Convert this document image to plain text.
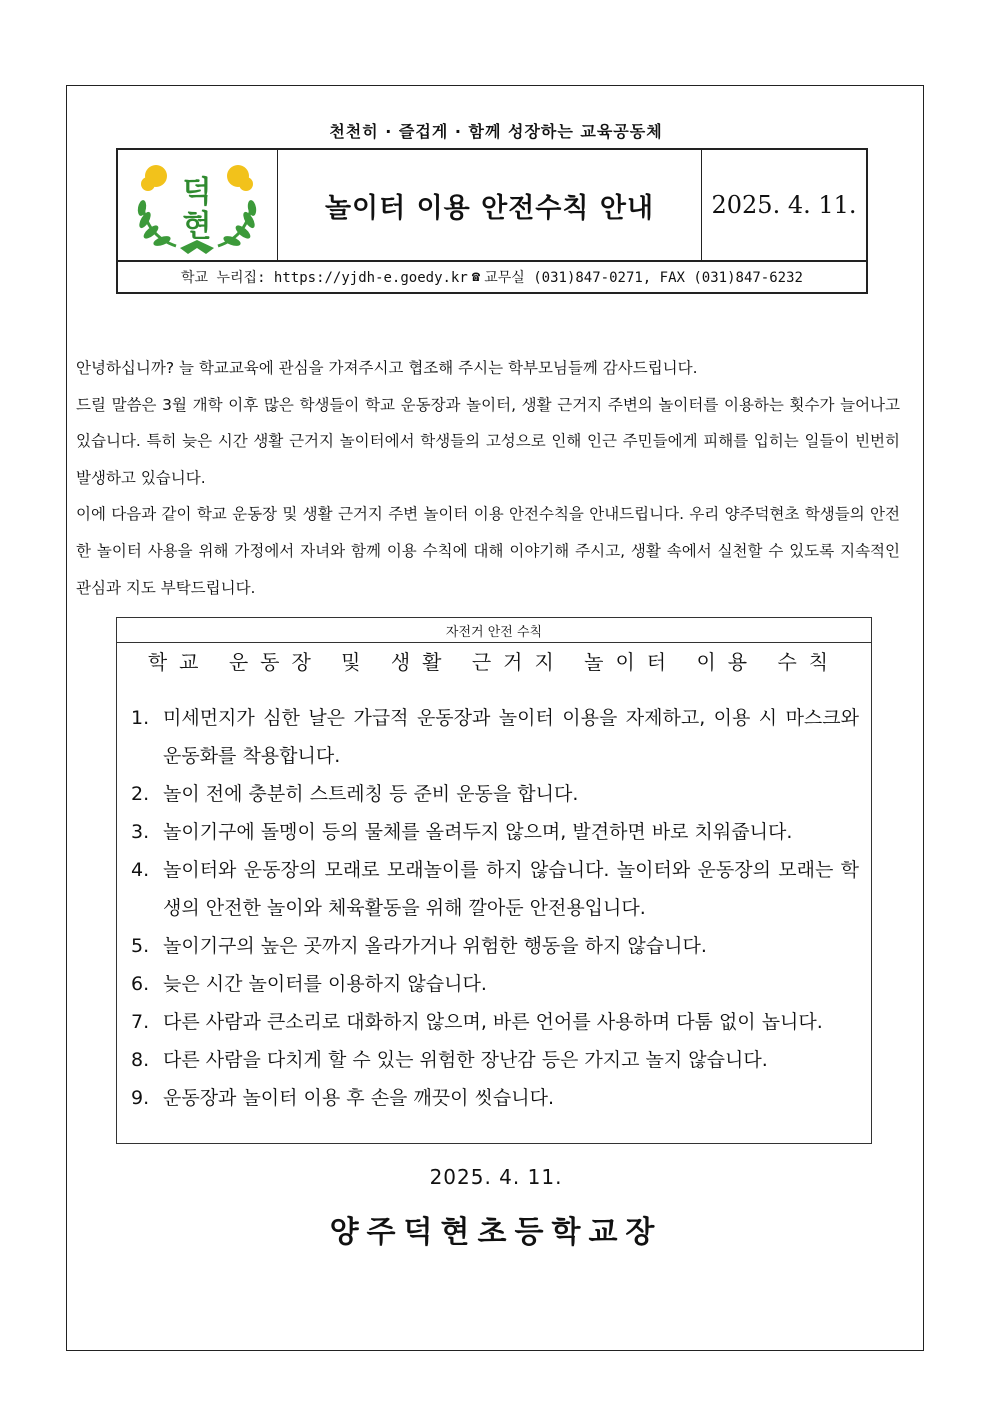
천천히 · 즐겁게 · 함께 성장하는 교육공동체
덕
현
놀이터 이용 안전수칙 안내	2025. 4. 11.
학교 누리집: https://yjdh-e.goedy.kr ☎ 교무실 (031)847-0271, FAX (031)847-6232

안녕하십니까? 늘 학교교육에 관심을 가져주시고 협조해 주시는 학부모님들께 감사드립니다.

드릴 말씀은 3월 개학 이후 많은 학생들이 학교 운동장과 놀이터, 생활 근거지 주변의 놀이터를 이용하는 횟수가 늘어나고 있습니다. 특히 늦은 시간 생활 근거지 놀이터에서 학생들의 고성으로 인해 인근 주민들에게 피해를 입히는 일들이 빈번히 발생하고 있습니다.

이에 다음과 같이 학교 운동장 및 생활 근거지 주변 놀이터 이용 안전수칙을 안내드립니다. 우리 양주덕현초 학생들의 안전한 놀이터 사용을 위해 가정에서 자녀와 함께 이용 수칙에 대해 이야기해 주시고, 생활 속에서 실천할 수 있도록 지속적인 관심과 지도 부탁드립니다.

자전거 안전 수칙
학교 운동장 및 생활 근거지 놀이터 이용 수칙
1. 미세먼지가 심한 날은 가급적 운동장과 놀이터 이용을 자제하고, 이용 시 마스크와 운동화를 착용합니다.
2. 놀이 전에 충분히 스트레칭 등 준비 운동을 합니다.
3. 놀이기구에 돌멩이 등의 물체를 올려두지 않으며, 발견하면 바로 치워줍니다.
4. 놀이터와 운동장의 모래로 모래놀이를 하지 않습니다. 놀이터와 운동장의 모래는 학생의 안전한 놀이와 체육활동을 위해 깔아둔 안전용입니다.
5. 놀이기구의 높은 곳까지 올라가거나 위험한 행동을 하지 않습니다.
6. 늦은 시간 놀이터를 이용하지 않습니다.
7. 다른 사람과 큰소리로 대화하지 않으며, 바른 언어를 사용하며 다툼 없이 놉니다.
8. 다른 사람을 다치게 할 수 있는 위험한 장난감 등은 가지고 놀지 않습니다.
9. 운동장과 놀이터 이용 후 손을 깨끗이 씻습니다.
2025. 4. 11.
양주덕현초등학교장
